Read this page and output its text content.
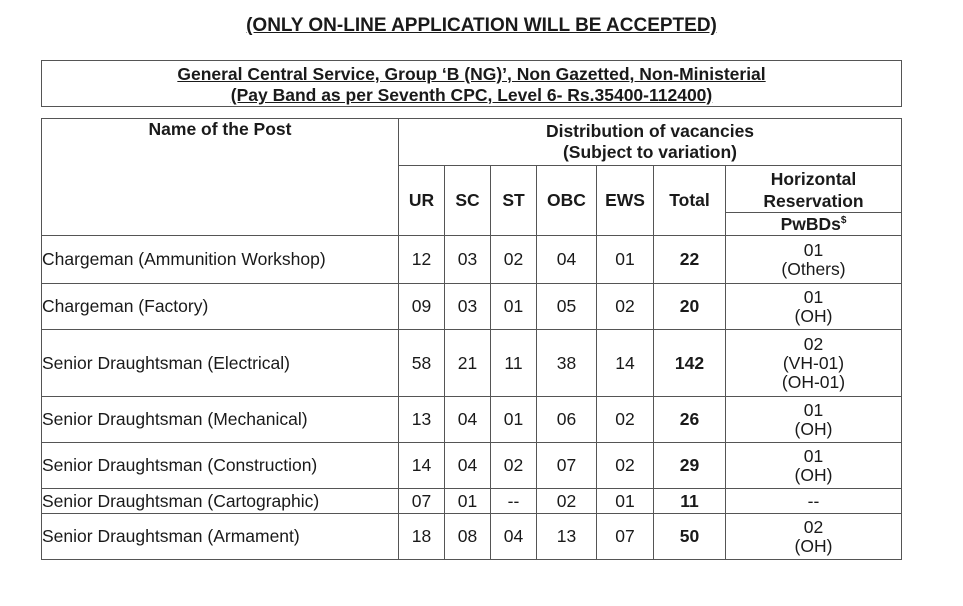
(ONLY ON-LINE APPLICATION WILL BE ACCEPTED)
General Central Service, Group ‘B (NG)’, Non Gazetted, Non-Ministerial
(Pay Band as per Seventh CPC, Level 6- Rs.35400-112400)
Name of the Post	Distribution of vacancies
(Subject to variation)						

	UR	SC	ST	OBC	EWS	Total	Horizontal
Reservation

							PwBDs$
Chargeman (Ammunition Workshop)	12	03	02	04	01	22	01
(Others)

Chargeman (Factory)	09	03	01	05	02	20	01
(OH)

Senior Draughtsman (Electrical)	58	21	11	38	14	142	02
(VH-01)
(OH-01)

Senior Draughtsman (Mechanical)	13	04	01	06	02	26	01
(OH)

Senior Draughtsman (Construction)	14	04	02	07	02	29	01
(OH)

Senior Draughtsman (Cartographic)	07	01	--	02	01	11	--

Senior Draughtsman (Armament)	18	08	04	13	07	50	02
(OH)
